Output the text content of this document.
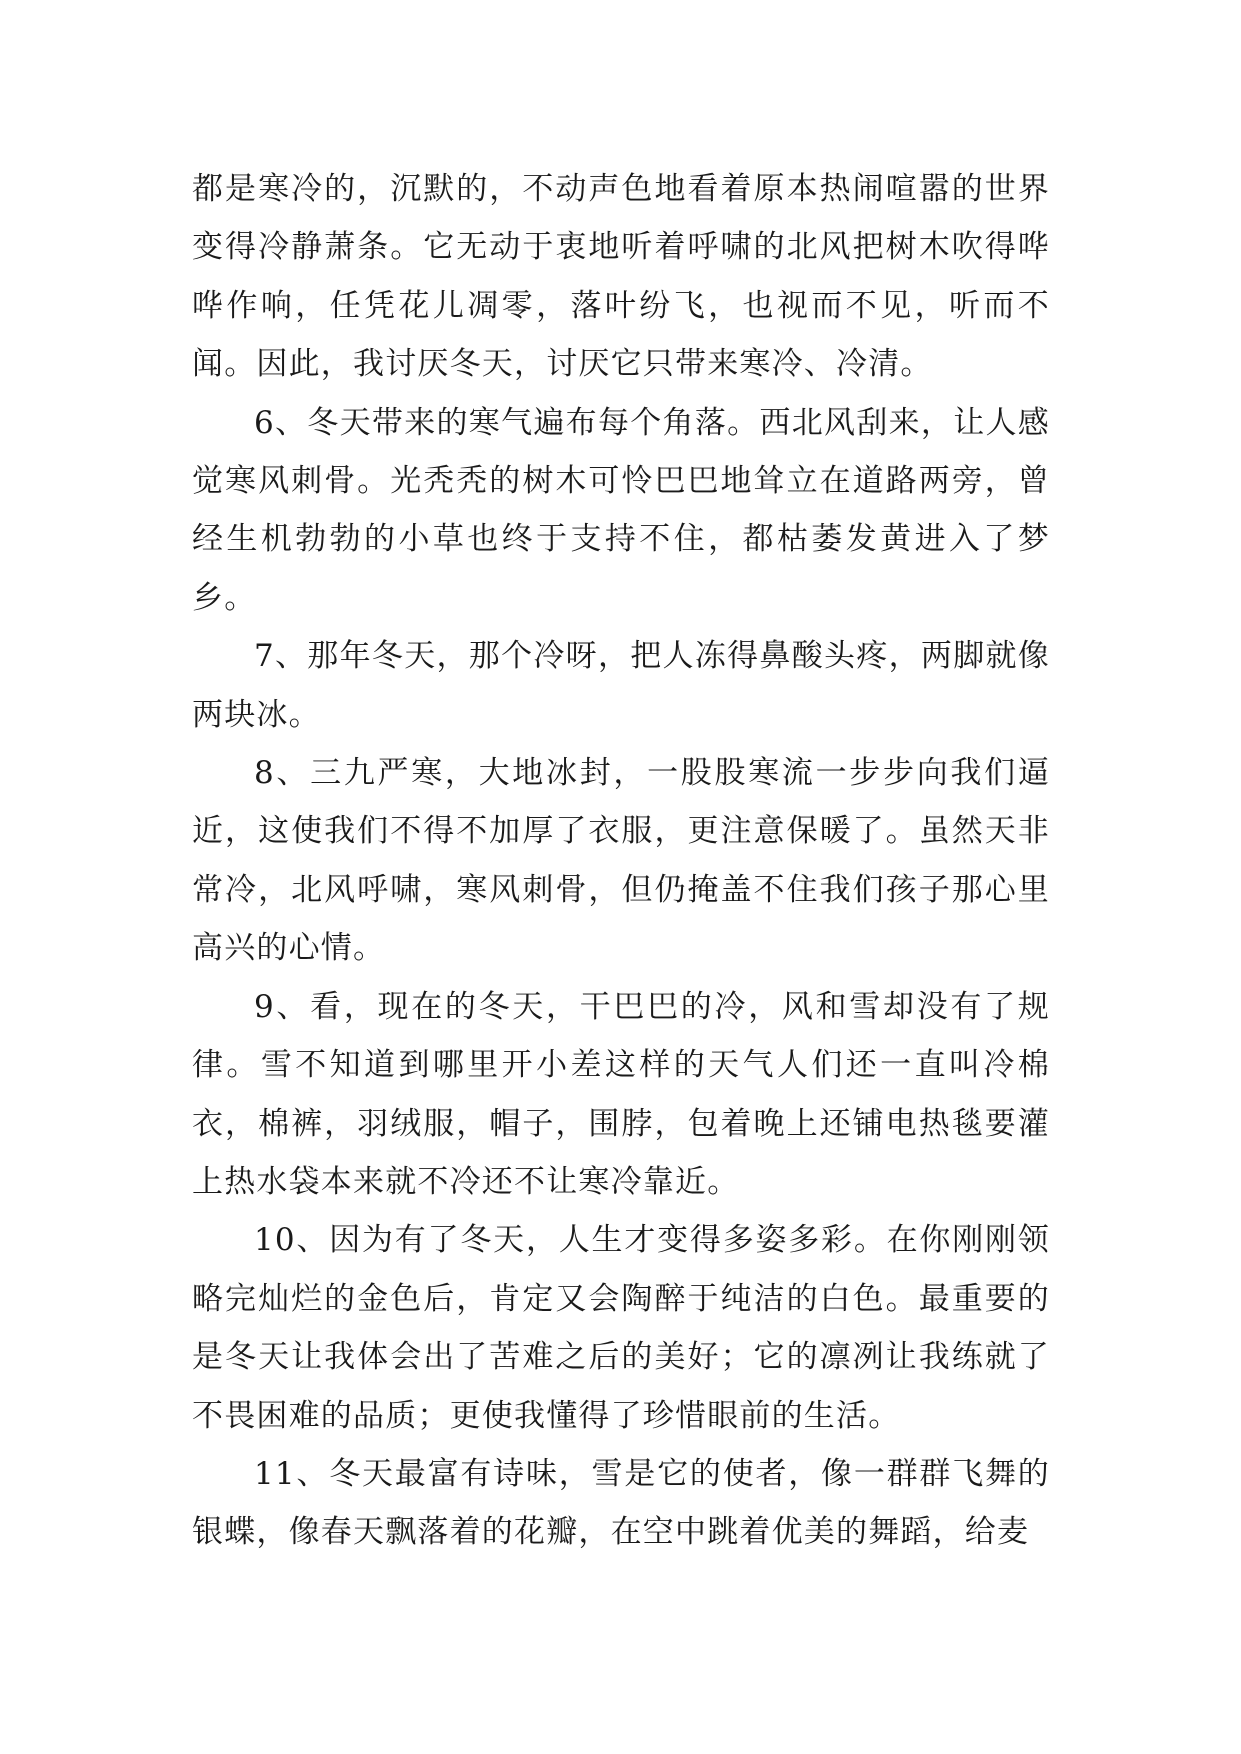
都是寒冷的，沉默的，不动声色地看着原本热闹喧嚣的世界变得冷静萧条。它无动于衷地听着呼啸的北风把树木吹得哗哗作响，任凭花儿凋零，落叶纷飞，也视而不见，听而不闻。因此，我讨厌冬天，讨厌它只带来寒冷、冷清。

6、冬天带来的寒气遍布每个角落。西北风刮来，让人感觉寒风刺骨。光秃秃的树木可怜巴巴地耸立在道路两旁，曾经生机勃勃的小草也终于支持不住，都枯萎发黄进入了梦乡。

7、那年冬天，那个冷呀，把人冻得鼻酸头疼，两脚就像两块冰。

8、三九严寒，大地冰封，一股股寒流一步步向我们逼近，这使我们不得不加厚了衣服，更注意保暖了。虽然天非常冷，北风呼啸，寒风刺骨，但仍掩盖不住我们孩子那心里高兴的心情。

9、看，现在的冬天，干巴巴的冷，风和雪却没有了规律。雪不知道到哪里开小差这样的天气人们还一直叫冷棉衣，棉裤，羽绒服，帽子，围脖，包着晚上还铺电热毯要灌上热水袋本来就不冷还不让寒冷靠近。

10、因为有了冬天，人生才变得多姿多彩。在你刚刚领略完灿烂的金色后，肯定又会陶醉于纯洁的白色。最重要的是冬天让我体会出了苦难之后的美好；它的凛冽让我练就了不畏困难的品质；更使我懂得了珍惜眼前的生活。

11、冬天最富有诗味，雪是它的使者，像一群群飞舞的银蝶，像春天飘落着的花瓣，在空中跳着优美的舞蹈，给麦
